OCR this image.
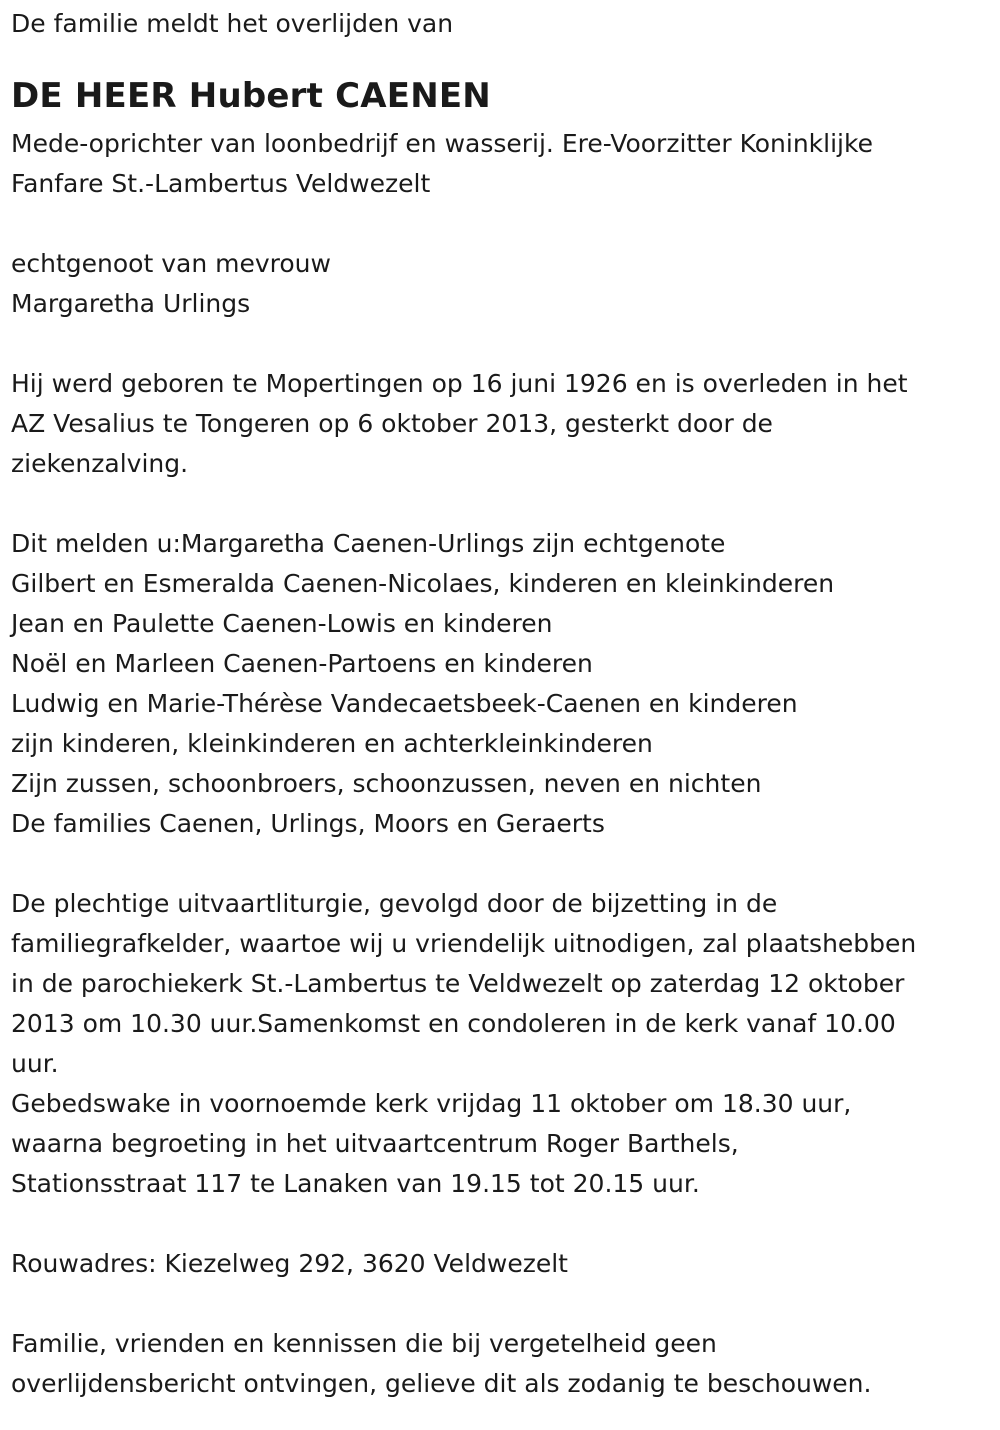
De familie meldt het overlijden van
DE HEER Hubert CAENEN
Mede-oprichter van loonbedrijf en wasserij. Ere-Voorzitter Koninklijke
Fanfare St.-Lambertus Veldwezelt
echtgenoot van mevrouw
Margaretha Urlings
Hij werd geboren te Mopertingen op 16 juni 1926 en is overleden in het
AZ Vesalius te Tongeren op 6 oktober 2013, gesterkt door de
ziekenzalving.
Dit melden u:Margaretha Caenen-Urlings zijn echtgenote
Gilbert en Esmeralda Caenen-Nicolaes, kinderen en kleinkinderen
Jean en Paulette Caenen-Lowis en kinderen
Noël en Marleen Caenen-Partoens en kinderen
Ludwig en Marie-Thérèse Vandecaetsbeek-Caenen en kinderen
zijn kinderen, kleinkinderen en achterkleinkinderen
Zijn zussen, schoonbroers, schoonzussen, neven en nichten
De families Caenen, Urlings, Moors en Geraerts
De plechtige uitvaartliturgie, gevolgd door de bijzetting in de
familiegrafkelder, waartoe wij u vriendelijk uitnodigen, zal plaatshebben
in de parochiekerk St.-Lambertus te Veldwezelt op zaterdag 12 oktober
2013 om 10.30 uur.Samenkomst en condoleren in de kerk vanaf 10.00
uur.
Gebedswake in voornoemde kerk vrijdag 11 oktober om 18.30 uur,
waarna begroeting in het uitvaartcentrum Roger Barthels,
Stationsstraat 117 te Lanaken van 19.15 tot 20.15 uur.
Rouwadres: Kiezelweg 292, 3620 Veldwezelt
Familie, vrienden en kennissen die bij vergetelheid geen
overlijdensbericht ontvingen, gelieve dit als zodanig te beschouwen.
